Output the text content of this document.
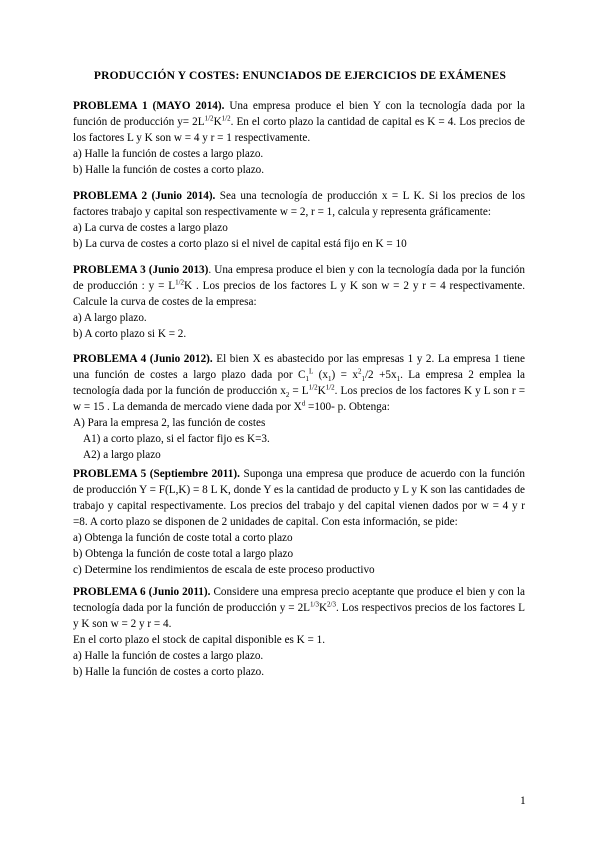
PRODUCCIÓN Y COSTES: ENUNCIADOS DE EJERCICIOS DE EXÁMENES

PROBLEMA 1 (MAYO 2014). Una empresa produce el bien Y con la tecnología dada por la función de producción $y= 2L^{1/2}K^{1/2}$. En el corto plazo la cantidad de capital es K = 4. Los precios de los factores L y K son w = 4 y r = 1 respectivamente.

a) Halle la función de costes a largo plazo.

b) Halle la función de costes a corto plazo.

PROBLEMA 2 (Junio 2014). Sea una tecnología de producción x = L K. Si los precios de los factores trabajo y capital son respectivamente w = 2, r = 1, calcula y representa gráficamente:

a) La curva de costes a largo plazo

b) La curva de costes a corto plazo si el nivel de capital está fijo en K = 10

PROBLEMA 3 (Junio 2013). Una empresa produce el bien y con la tecnología dada por la función de producción : $y = L^{1/2}K$ . Los precios de los factores L y K son w = 2 y r = 4 respectivamente. Calcule la curva de costes de la empresa:

a) A largo plazo.

b) A corto plazo si K = 2.

PROBLEMA 4 (Junio 2012). El bien X es abastecido por las empresas 1 y 2. La empresa 1 tiene una función de costes a largo plazo dada por $C_1^L$ $(x_1) = x^2_1/2 +5x_1$. La empresa 2 emplea la tecnología dada por la función de producción $x_2 = L^{1/2}K^{1/2}$. Los precios de los factores K y L son r = w = 15 . La demanda de mercado viene dada por $X^d =100-$ p. Obtenga:

A) Para la empresa 2, las función de costes

A1) a corto plazo, si el factor fijo es K=3.

A2) a largo plazo

PROBLEMA 5 (Septiembre 2011). Suponga una empresa que produce de acuerdo con la función de producción Y = F(L,K) = 8 L K, donde Y es la cantidad de producto y L y K son las cantidades de trabajo y capital respectivamente. Los precios del trabajo y del capital vienen dados por w = 4 y r =8. A corto plazo se disponen de 2 unidades de capital. Con esta información, se pide:

a) Obtenga la función de coste total a corto plazo

b) Obtenga la función de coste total a largo plazo

c) Determine los rendimientos de escala de este proceso productivo

PROBLEMA 6 (Junio 2011). Considere una empresa precio aceptante que produce el bien y con la tecnología dada por la función de producción $y = 2L^{1/3}K^{2/3}$. Los respectivos precios de los factores L y K son w = 2 y r = 4.

En el corto plazo el stock de capital disponible es K = 1.

a) Halle la función de costes a largo plazo.

b) Halle la función de costes a corto plazo.

1
